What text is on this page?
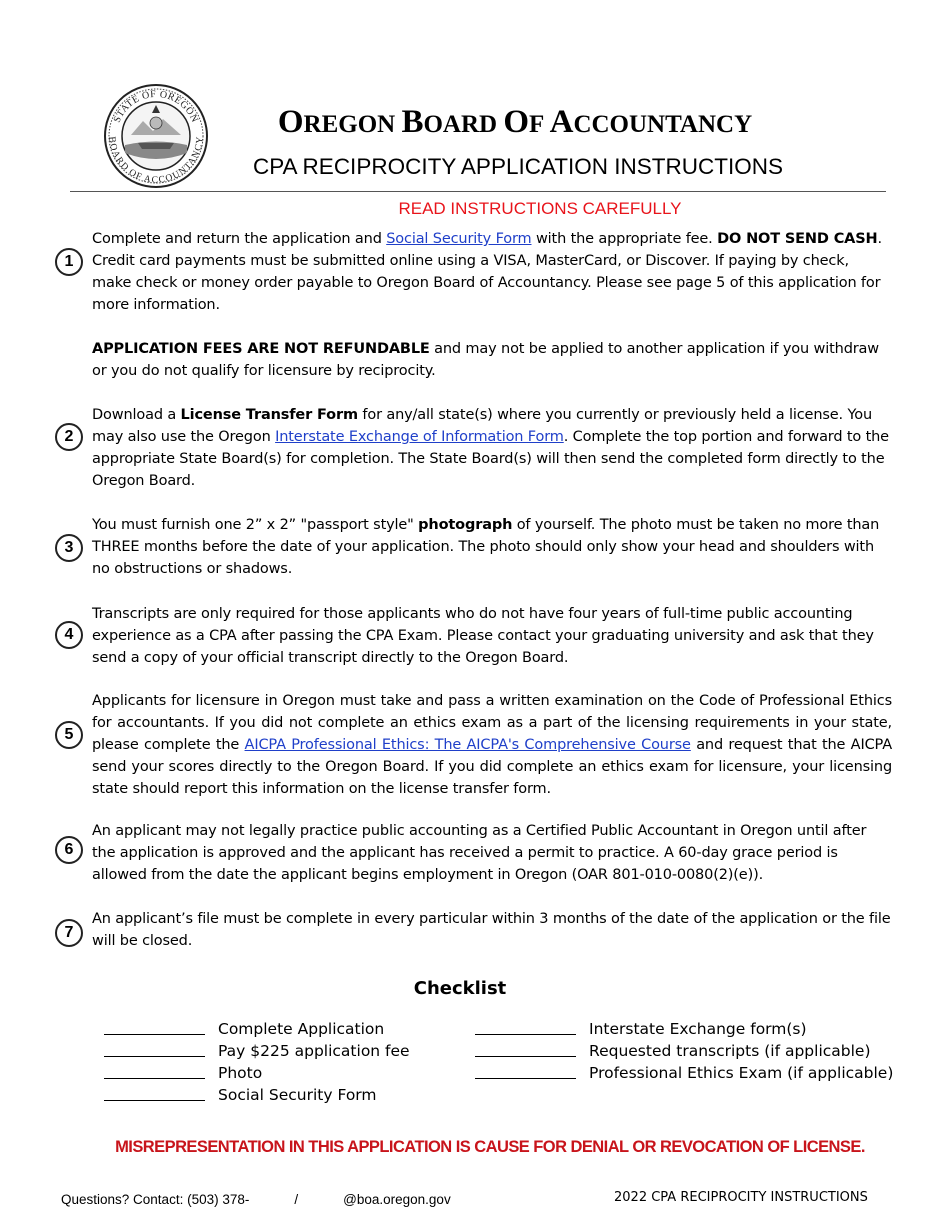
STATE OF OREGON
BOARD OF ACCOUNTANCY
OREGON BOARD OF ACCOUNTANCY
CPA RECIPROCITY APPLICATION INSTRUCTIONS
READ INSTRUCTIONS CAREFULLY
1

Complete and return the application and Social Security Form with the appropriate fee. DO NOT SEND CASH. Credit card payments must be submitted online using a VISA, MasterCard, or Discover. If paying by check, make check or money order payable to Oregon Board of Accountancy. Please see page 5 of this application for more information.

APPLICATION FEES ARE NOT REFUNDABLE and may not be applied to another application if you withdraw or you do not qualify for licensure by reciprocity.

2

Download a License Transfer Form for any/all state(s) where you currently or previously held a license. You may also use the Oregon Interstate Exchange of Information Form. Complete the top portion and forward to the appropriate State Board(s) for completion. The State Board(s) will then send the completed form directly to the Oregon Board.

3

You must furnish one 2” x 2” "passport style" photograph of yourself. The photo must be taken no more than THREE months before the date of your application. The photo should only show your head and shoulders with no obstructions or shadows.

4

Transcripts are only required for those applicants who do not have four years of full-time public accounting experience as a CPA after passing the CPA Exam. Please contact your graduating university and ask that they send a copy of your official transcript directly to the Oregon Board.

5

Applicants for licensure in Oregon must take and pass a written examination on the Code of Professional Ethics for accountants. If you did not complete an ethics exam as a part of the licensing requirements in your state, please complete the AICPA Professional Ethics: The AICPA's Comprehensive Course and request that the AICPA send your scores directly to the Oregon Board. If you did complete an ethics exam for licensure, your licensing state should report this information on the license transfer form.

6

An applicant may not legally practice public accounting as a Certified Public Accountant in Oregon until after the application is approved and the applicant has received a permit to practice. A 60-day grace period is allowed from the date the applicant begins employment in Oregon (OAR 801-010-0080(2)(e)).

7

An applicant’s file must be complete in every particular within 3 months of the date of the application or the file will be closed.

Checklist
Complete Application
Pay $225 application fee
Photo
Social Security Form
Interstate Exchange form(s)
Requested transcripts (if applicable)
Professional Ethics Exam (if applicable)
MISREPRESENTATION IN THIS APPLICATION IS CAUSE FOR DENIAL OR REVOCATION OF LICENSE.
Questions? Contact: (503) 378-	/	@boa.oregon.gov	2022 CPA RECIPROCITY INSTRUCTIONS
